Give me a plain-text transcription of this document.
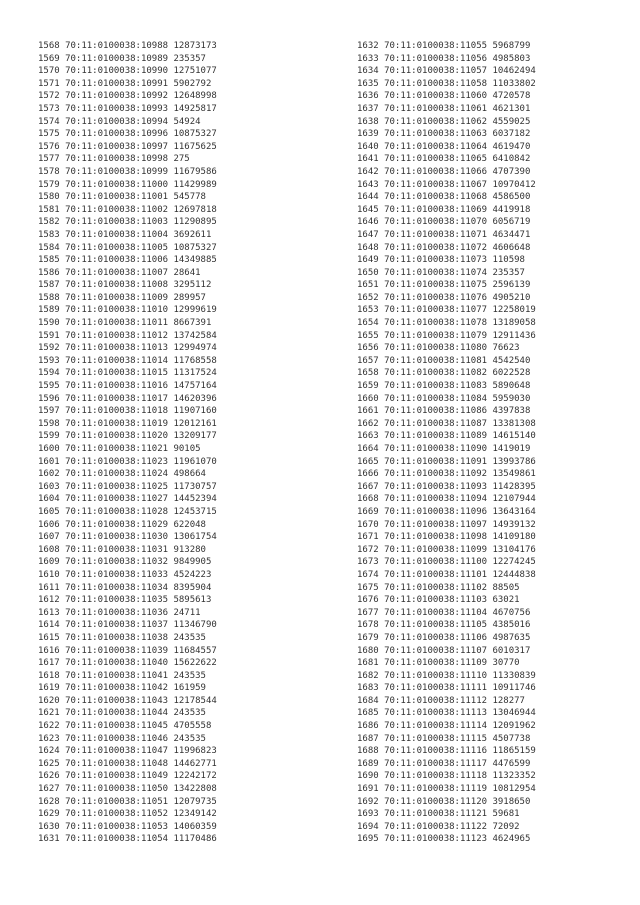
1568 70:11:0100038:10988 12873173
1569 70:11:0100038:10989 235357
1570 70:11:0100038:10990 12751077
1571 70:11:0100038:10991 5902792
1572 70:11:0100038:10992 12648998
1573 70:11:0100038:10993 14925817
1574 70:11:0100038:10994 54924
1575 70:11:0100038:10996 10875327
1576 70:11:0100038:10997 11675625
1577 70:11:0100038:10998 275
1578 70:11:0100038:10999 11679586
1579 70:11:0100038:11000 11429989
1580 70:11:0100038:11001 545778
1581 70:11:0100038:11002 12697818
1582 70:11:0100038:11003 11290895
1583 70:11:0100038:11004 3692611
1584 70:11:0100038:11005 10875327
1585 70:11:0100038:11006 14349885
1586 70:11:0100038:11007 28641
1587 70:11:0100038:11008 3295112
1588 70:11:0100038:11009 289957
1589 70:11:0100038:11010 12999619
1590 70:11:0100038:11011 8667391
1591 70:11:0100038:11012 13742584
1592 70:11:0100038:11013 12994974
1593 70:11:0100038:11014 11768558
1594 70:11:0100038:11015 11317524
1595 70:11:0100038:11016 14757164
1596 70:11:0100038:11017 14620396
1597 70:11:0100038:11018 11907160
1598 70:11:0100038:11019 12012161
1599 70:11:0100038:11020 13209177
1600 70:11:0100038:11021 90105
1601 70:11:0100038:11023 11961070
1602 70:11:0100038:11024 498664
1603 70:11:0100038:11025 11730757
1604 70:11:0100038:11027 14452394
1605 70:11:0100038:11028 12453715
1606 70:11:0100038:11029 622048
1607 70:11:0100038:11030 13061754
1608 70:11:0100038:11031 913280
1609 70:11:0100038:11032 9849905
1610 70:11:0100038:11033 4524223
1611 70:11:0100038:11034 8395904
1612 70:11:0100038:11035 5895613
1613 70:11:0100038:11036 24711
1614 70:11:0100038:11037 11346790
1615 70:11:0100038:11038 243535
1616 70:11:0100038:11039 11684557
1617 70:11:0100038:11040 15622622
1618 70:11:0100038:11041 243535
1619 70:11:0100038:11042 161959
1620 70:11:0100038:11043 12178544
1621 70:11:0100038:11044 243535
1622 70:11:0100038:11045 4705558
1623 70:11:0100038:11046 243535
1624 70:11:0100038:11047 11996823
1625 70:11:0100038:11048 14462771
1626 70:11:0100038:11049 12242172
1627 70:11:0100038:11050 13422808
1628 70:11:0100038:11051 12079735
1629 70:11:0100038:11052 12349142
1630 70:11:0100038:11053 14060359
1631 70:11:0100038:11054 11170486
1632 70:11:0100038:11055 5968799
1633 70:11:0100038:11056 4985803
1634 70:11:0100038:11057 10462494
1635 70:11:0100038:11058 11033802
1636 70:11:0100038:11060 4720578
1637 70:11:0100038:11061 4621301
1638 70:11:0100038:11062 4559025
1639 70:11:0100038:11063 6037182
1640 70:11:0100038:11064 4619470
1641 70:11:0100038:11065 6410842
1642 70:11:0100038:11066 4707390
1643 70:11:0100038:11067 10970412
1644 70:11:0100038:11068 4586500
1645 70:11:0100038:11069 4419918
1646 70:11:0100038:11070 6056719
1647 70:11:0100038:11071 4634471
1648 70:11:0100038:11072 4606648
1649 70:11:0100038:11073 110598
1650 70:11:0100038:11074 235357
1651 70:11:0100038:11075 2596139
1652 70:11:0100038:11076 4905210
1653 70:11:0100038:11077 12258019
1654 70:11:0100038:11078 13189058
1655 70:11:0100038:11079 12911436
1656 70:11:0100038:11080 76623
1657 70:11:0100038:11081 4542540
1658 70:11:0100038:11082 6022528
1659 70:11:0100038:11083 5890648
1660 70:11:0100038:11084 5959030
1661 70:11:0100038:11086 4397838
1662 70:11:0100038:11087 13381308
1663 70:11:0100038:11089 14615140
1664 70:11:0100038:11090 1419019
1665 70:11:0100038:11091 13993786
1666 70:11:0100038:11092 13549861
1667 70:11:0100038:11093 11428395
1668 70:11:0100038:11094 12107944
1669 70:11:0100038:11096 13643164
1670 70:11:0100038:11097 14939132
1671 70:11:0100038:11098 14109180
1672 70:11:0100038:11099 13104176
1673 70:11:0100038:11100 12274245
1674 70:11:0100038:11101 12444838
1675 70:11:0100038:11102 88505
1676 70:11:0100038:11103 63021
1677 70:11:0100038:11104 4670756
1678 70:11:0100038:11105 4385016
1679 70:11:0100038:11106 4987635
1680 70:11:0100038:11107 6010317
1681 70:11:0100038:11109 30770
1682 70:11:0100038:11110 11330839
1683 70:11:0100038:11111 10911746
1684 70:11:0100038:11112 128277
1685 70:11:0100038:11113 13046944
1686 70:11:0100038:11114 12091962
1687 70:11:0100038:11115 4507738
1688 70:11:0100038:11116 11865159
1689 70:11:0100038:11117 4476599
1690 70:11:0100038:11118 11323352
1691 70:11:0100038:11119 10812954
1692 70:11:0100038:11120 3918650
1693 70:11:0100038:11121 59681
1694 70:11:0100038:11122 72092
1695 70:11:0100038:11123 4624965
